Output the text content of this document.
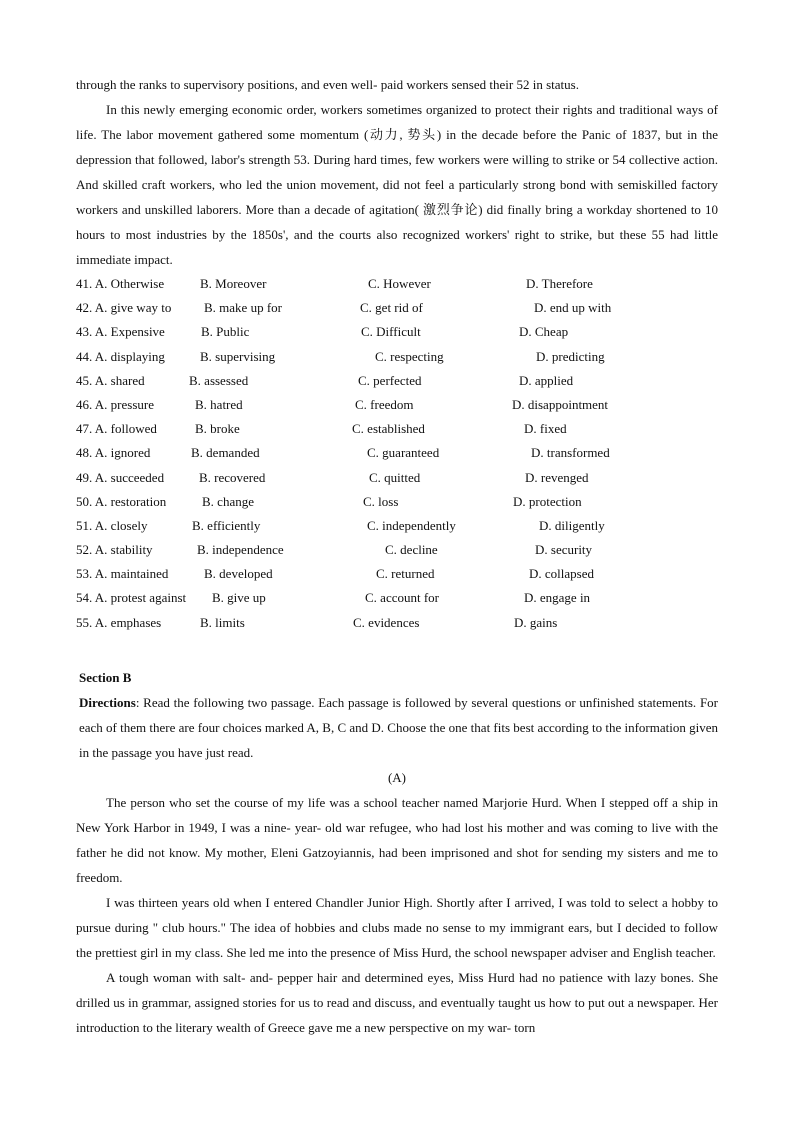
through the ranks to supervisory positions, and even well- paid workers sensed their 52 in status.

In this newly emerging economic order, workers sometimes organized to protect their rights and traditional ways of life. The labor movement gathered some momentum (动力, 势头) in the decade before the Panic of 1837, but in the depression that followed, labor's strength 53. During hard times, few workers were willing to strike or 54 collective action. And skilled craft workers, who led the union movement, did not feel a particularly strong bond with semiskilled factory workers and unskilled laborers. More than a decade of agitation( 激烈争论) did finally bring a workday shortened to 10 hours to most industries by the 1850s', and the courts also recognized workers' right to strike, but these 55 had little immediate impact.

41. A. Otherwise	B. Moreover	C. However	D. Therefore
42. A. give way to	B. make up for	C. get rid of	D. end up with
43. A. Expensive	B. Public	C. Difficult	D. Cheap
44. A. displaying	B. supervising	C. respecting	D. predicting
45. A. shared	B. assessed	C. perfected	D. applied
46. A. pressure	B. hatred	C. freedom	D. disappointment
47. A. followed	B. broke	C. established	D. fixed
48. A. ignored	B. demanded	C. guaranteed	D. transformed
49. A. succeeded	B. recovered	C. quitted	D. revenged
50. A. restoration	B. change	C. loss	D. protection
51. A. closely	B. efficiently	C. independently	D. diligently
52. A. stability	B. independence	C. decline	D. security
53. A. maintained	B. developed	C. returned	D. collapsed
54. A. protest against B. give up	C. account for	D. engage in
55. A. emphases	B. limits	C. evidences	D. gains

Section B

Directions: Read the following two passage. Each passage is followed by several questions or unfinished statements. For each of them there are four choices marked A, B, C and D. Choose the one that fits best according to the information given in the passage you have just read.

(A)

The person who set the course of my life was a school teacher named Marjorie Hurd. When I stepped off a ship in New York Harbor in 1949, I was a nine- year- old war refugee, who had lost his mother and was coming to live with the father he did not know. My mother, Eleni Gatzoyiannis, had been imprisoned and shot for sending my sisters and me to freedom.

I was thirteen years old when I entered Chandler Junior High. Shortly after I arrived, I was told to select a hobby to pursue during " club hours." The idea of hobbies and clubs made no sense to my immigrant ears, but I decided to follow the prettiest girl in my class. She led me into the presence of Miss Hurd, the school newspaper adviser and English teacher.

A tough woman with salt- and- pepper hair and determined eyes, Miss Hurd had no patience with lazy bones. She drilled us in grammar, assigned stories for us to read and discuss, and eventually taught us how to put out a newspaper. Her introduction to the literary wealth of Greece gave me a new perspective on my war- torn
